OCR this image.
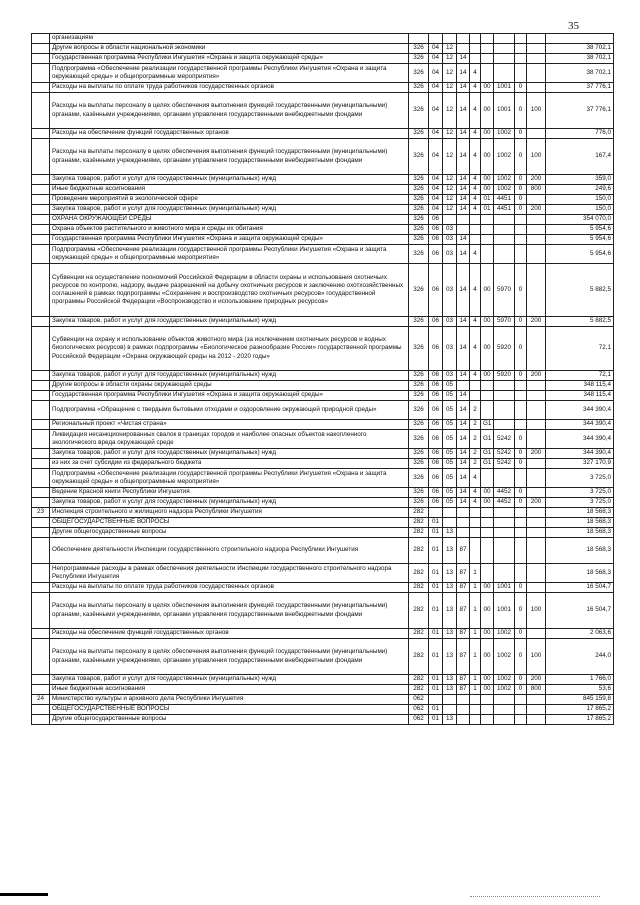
35
	организациям										
	Другие вопросы в области национальной экономики	326	04	12							38 702,1
	Государственная программа Республики Ингушетия «Охрана и защита окружающей среды»	326	04	12	14						38 702,1
	Подпрограмма «Обеспечение реализации государственной программы Республики Ингушетия «Охрана и защита окружающей среды» и общепрограммные мероприятия»	326	04	12	14	4					38 702,1
	Расходы на выплаты по оплате труда работников государственных органов	326	04	12	14	4	00	1001	0		37 776,1
	Расходы на выплаты персоналу в целях обеспечения выполнения функций государственными (муниципальными) органами, казёнными учреждениями, органами управления государственными внебюджетными фондами	326	04	12	14	4	00	1001	0	100	37 776,1
	Расходы на обеспечение функций государственных органов	326	04	12	14	4	00	1002	0		776,0
	Расходы на выплаты персоналу в целях обеспечения выполнения функций государственными (муниципальными) органами, казёнными учреждениями, органами управления государственными внебюджетными фондами	326	04	12	14	4	00	1002	0	100	167,4
	Закупка товаров, работ и услуг для государственных (муниципальных) нужд	326	04	12	14	4	00	1002	0	200	359,0
	Иные бюджетные ассигнования	326	04	12	14	4	00	1002	0	800	249,6
	Проведение мероприятий в экологической сфере	326	04	12	14	4	01	4451	0		150,0
	Закупка товаров, работ и услуг для государственных (муниципальных) нужд	326	04	12	14	4	01	4451	0	200	150,0
	ОХРАНА ОКРУЖАЮЩЕЙ СРЕДЫ	326	06								354 070,0
	Охрана объектов растительного и животного мира и среды их обитания	326	06	03							5 954,6
	Государственная программа Республики Ингушетия «Охрана и защита окружающей среды»	326	06	03	14						5 954,6
	Подпрограмма «Обеспечение реализации государственной программы Республики Ингушетия «Охрана и защита окружающей среды» и общепрограммные мероприятия»	326	06	03	14	4					5 954,6
	Субвенции на осуществление полномочий Российской Федерации в области охраны и использования охотничьих ресурсов по контролю, надзору, выдаче разрешений на добычу охотничьих ресурсов и заключению охотхозяйственных соглашений в рамках подпрограммы «Сохранение и воспроизводство охотничьих ресурсов» государственной программы Российской Федерации «Воспроизводство и использование природных ресурсов»	326	06	03	14	4	00	5970	0		5 882,5
	Закупка товаров, работ и услуг для государственных (муниципальных) нужд	326	06	03	14	4	00	5970	0	200	5 882,5
	Субвенции на охрану и использование объектов животного мира (за исключением охотничьих ресурсов и водных биологических ресурсов) в рамках подпрограммы «Биологическое разнообразие России» государственной программы Российской Федерации «Охрана окружающей среды на 2012 - 2020 годы»	326	06	03	14	4	00	5920	0		72,1
	Закупка товаров, работ и услуг для государственных (муниципальных) нужд	326	06	03	14	4	00	5920	0	200	72,1
	Другие вопросы в области охраны окружающей среды	326	06	05							348 115,4
	Государственная программа Республики Ингушетия «Охрана и защита окружающей среды»	326	06	05	14						348 115,4
	Подпрограмма «Обращение с твердыми бытовыми отходами и оздоровление окружающей природной среды»	326	06	05	14	2					344 390,4
	Региональный проект «Чистая страна»	326	06	05	14	2	G1				344 390,4
	Ликвидация несанкционированных свалок в границах городов и наиболее опасных объектов накопленного экологического вреда окружающей среде	326	06	05	14	2	G1	5242	0		344 390,4
	Закупка товаров, работ и услуг для государственных (муниципальных) нужд	326	06	05	14	2	G1	5242	0	200	344 390,4
	из них за счет субсидии из федерального бюджета	326	06	05	14	2	G1	5242	0		327 170,9
	Подпрограмма «Обеспечение реализации государственной программы Республики Ингушетия «Охрана и защита окружающей среды» и общепрограммные мероприятия»	326	06	05	14	4					3 725,0
	Ведение Красной книги Республики Ингушетия	326	06	05	14	4	00	4452	0		3 725,0
	Закупка товаров, работ и услуг для государственных (муниципальных) нужд	326	06	05	14	4	00	4452	0	200	3 725,0
23	Инспекция строительного и жилищного надзора Республики Ингушетия	282									18 568,3
	ОБЩЕГОСУДАРСТВЕННЫЕ ВОПРОСЫ	282	01								18 568,3
	Другие общегосударственные вопросы	282	01	13							18 568,3
	Обеспечение деятельности Инспекции государственного строительного надзора Республики Ингушетия	282	01	13	87						18 568,3
	Непрограммные расходы в рамках обеспечения деятельности Инспекции государственного строительного надзора Республики Ингушетия	282	01	13	87	1					18 568,3
	Расходы на выплаты по оплате труда работников государственных органов	282	01	13	87	1	00	1001	0		16 504,7
	Расходы на выплаты персоналу в целях обеспечения выполнения функций государственными (муниципальными) органами, казёнными учреждениями, органами управления государственными внебюджетными фондами	282	01	13	87	1	00	1001	0	100	16 504,7
	Расходы на обеспечение функций государственных органов	282	01	13	87	1	00	1002	0		2 063,6
	Расходы на выплаты персоналу в целях обеспечения выполнения функций государственными (муниципальными) органами, казёнными учреждениями, органами управления государственными внебюджетными фондами	282	01	13	87	1	00	1002	0	100	244,0
	Закупка товаров, работ и услуг для государственных (муниципальных) нужд	282	01	13	87	1	00	1002	0	200	1 766,0
	Иные бюджетные ассигнования	282	01	13	87	1	00	1002	0	800	53,6
24	Министерство культуры и архивного дела Республики Ингушетия	062									845 159,8
	ОБЩЕГОСУДАРСТВЕННЫЕ ВОПРОСЫ	062	01								17 865,2
	Другие общегосударственные вопросы	062	01	13							17 865,2
